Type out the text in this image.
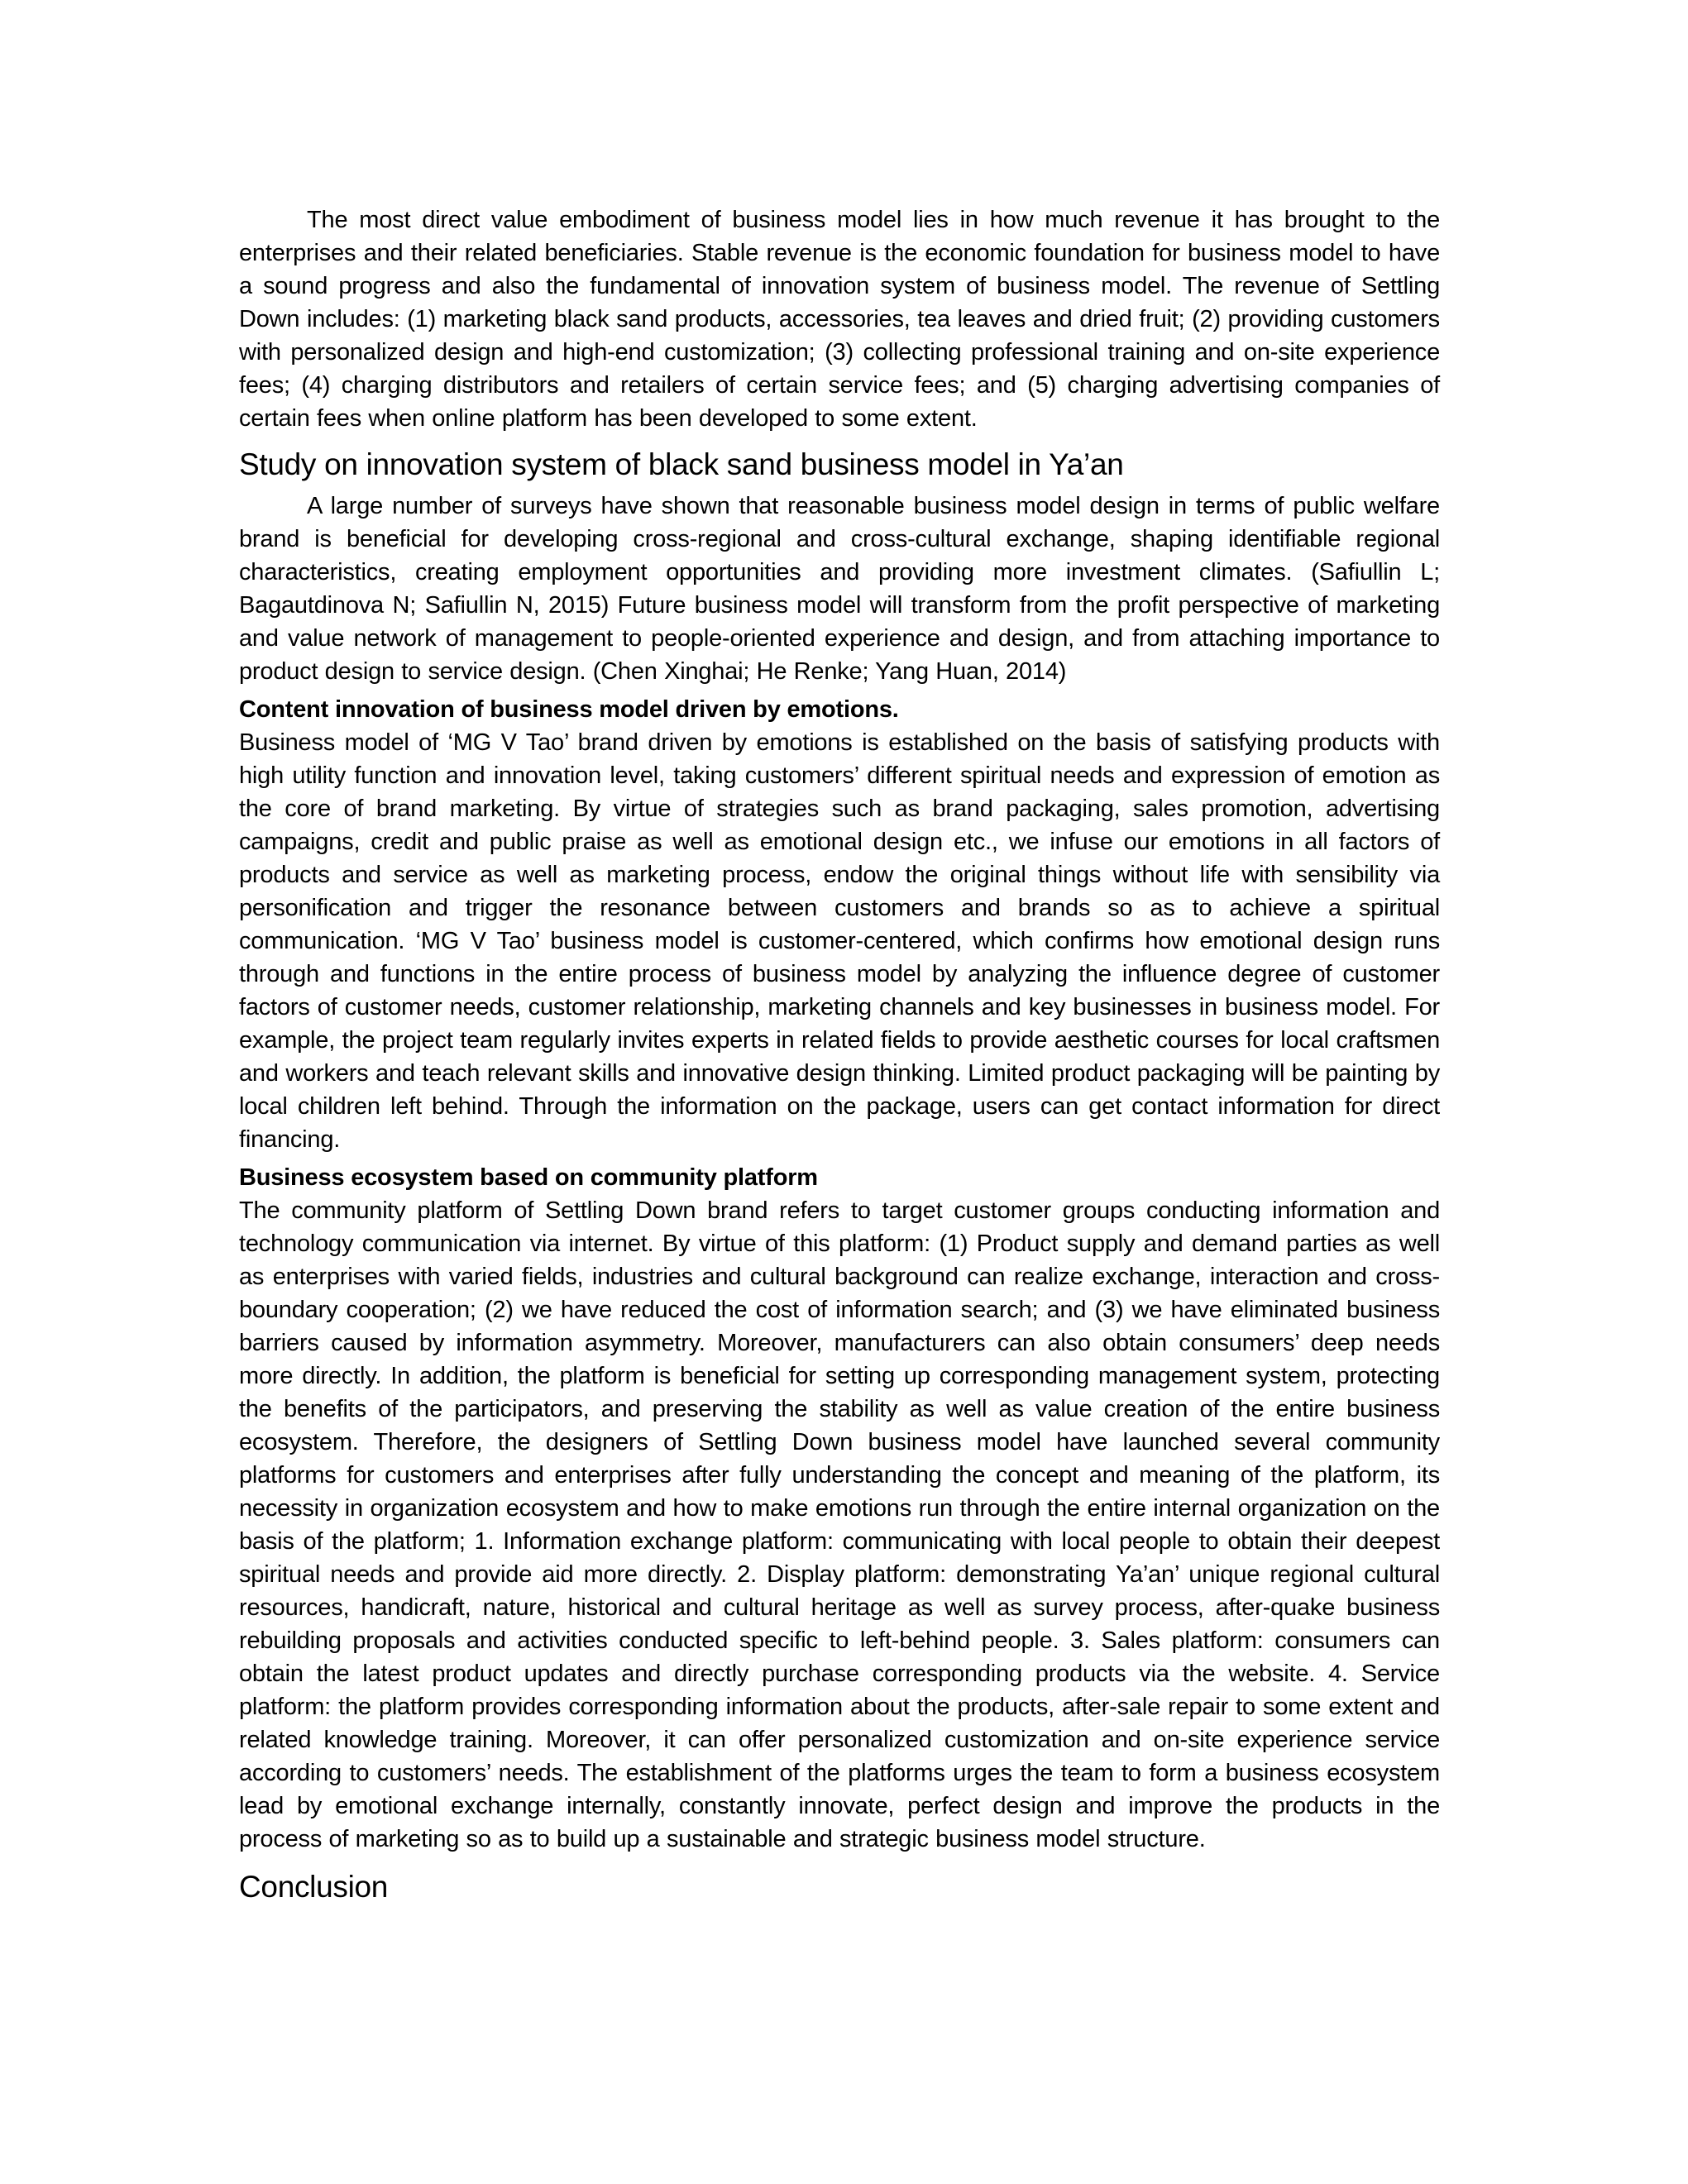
The most direct value embodiment of business model lies in how much revenue it has brought to the enterprises and their related beneficiaries. Stable revenue is the economic foundation for business model to have a sound progress and also the fundamental of innovation system of business model. The revenue of Settling Down includes: (1) marketing black sand products, accessories, tea leaves and dried fruit; (2) providing customers with personalized design and high-end customization; (3) collecting professional training and on-site experience fees; (4) charging distributors and retailers of certain service fees; and (5) charging advertising companies of certain fees when online platform has been developed to some extent.

Study on innovation system of black sand business model in Ya’an

A large number of surveys have shown that reasonable business model design in terms of public welfare brand is beneficial for developing cross-regional and cross-cultural exchange, shaping identifiable regional characteristics, creating employment opportunities and providing more investment climates. (Safiullin L; Bagautdinova N; Safiullin N, 2015) Future business model will transform from the profit perspective of marketing and value network of management to people-oriented experience and design, and from attaching importance to product design to service design. (Chen Xinghai; He Renke; Yang Huan, 2014)

Content innovation of business model driven by emotions.

Business model of ‘MG V Tao’ brand driven by emotions is established on the basis of satisfying products with high utility function and innovation level, taking customers’ different spiritual needs and expression of emotion as the core of brand marketing. By virtue of strategies such as brand packaging, sales promotion, advertising campaigns, credit and public praise as well as emotional design etc., we infuse our emotions in all factors of products and service as well as marketing process, endow the original things without life with sensibility via personification and trigger the resonance between customers and brands so as to achieve a spiritual communication. ‘MG V Tao’ business model is customer-centered, which confirms how emotional design runs through and functions in the entire process of business model by analyzing the influence degree of customer factors of customer needs, customer relationship, marketing channels and key businesses in business model. For example, the project team regularly invites experts in related fields to provide aesthetic courses for local craftsmen and workers and teach relevant skills and innovative design thinking. Limited product packaging will be painting by local children left behind. Through the information on the package, users can get contact information for direct financing.

Business ecosystem based on community platform

The community platform of Settling Down brand refers to target customer groups conducting information and technology communication via internet. By virtue of this platform: (1) Product supply and demand parties as well as enterprises with varied fields, industries and cultural background can realize exchange, interaction and cross-boundary cooperation; (2) we have reduced the cost of information search; and (3) we have eliminated business barriers caused by information asymmetry. Moreover, manufacturers can also obtain consumers’ deep needs more directly. In addition, the platform is beneficial for setting up corresponding management system, protecting the benefits of the participators, and preserving the stability as well as value creation of the entire business ecosystem. Therefore, the designers of Settling Down business model have launched several community platforms for customers and enterprises after fully understanding the concept and meaning of the platform, its necessity in organization ecosystem and how to make emotions run through the entire internal organization on the basis of the platform; 1. Information exchange platform: communicating with local people to obtain their deepest spiritual needs and provide aid more directly. 2. Display platform: demonstrating Ya’an’ unique regional cultural resources, handicraft, nature, historical and cultural heritage as well as survey process, after-quake business rebuilding proposals and activities conducted specific to left-behind people. 3. Sales platform: consumers can obtain the latest product updates and directly purchase corresponding products via the website. 4. Service platform: the platform provides corresponding information about the products, after-sale repair to some extent and related knowledge training. Moreover, it can offer personalized customization and on-site experience service according to customers’ needs. The establishment of the platforms urges the team to form a business ecosystem lead by emotional exchange internally, constantly innovate, perfect design and improve the products in the process of marketing so as to build up a sustainable and strategic business model structure.

Conclusion
